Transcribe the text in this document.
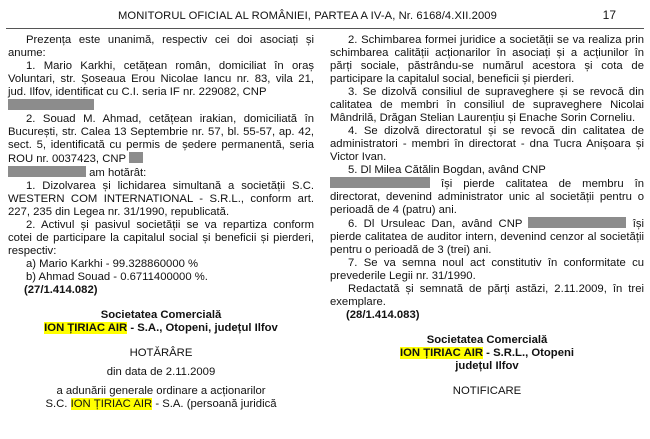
MONITORUL OFICIAL AL ROMÂNIEI, PARTEA A IV-A, Nr. 6168/4.XII.2009	17

Prezența este unanimă, respectiv cei doi asociați și anume:

1. Mario Karkhi, cetățean român, domiciliat în oraș Voluntari, str. Șoseaua Erou Nicolae Iancu nr. 83, vila 21, jud. Ilfov, identificat cu C.I. seria IF nr. 229082, CNP

2. Souad M. Ahmad, cetățean irakian, domiciliată în București, str. Calea 13 Septembrie nr. 57, bl. 55-57, ap. 42, sect. 5, identificată cu permis de ședere permanentă, seria ROU nr. 0037423, CNP
am hotărât:

1. Dizolvarea și lichidarea simultană a societății S.C. WESTERN COM INTERNATIONAL - S.R.L., conform art. 227, 235 din Legea nr. 31/1990, republicată.

2. Activul și pasivul societății se va repartiza conform cotei de participare la capitalul social și beneficii și pierderi, respectiv:

a) Mario Karkhi - 99.328860000 %

b) Ahmad Souad - 0.6711400000 %.

(27/1.414.082)

Societatea Comercială

ION ȚIRIAC AIR - S.A., Otopeni, județul Ilfov

HOTĂRÂRE

din data de 2.11.2009

a adunării generale ordinare a acționarilor

S.C. ION ȚIRIAC AIR - S.A. (persoană juridică

2. Schimbarea formei juridice a societății se va realiza prin schimbarea calității acționarilor în asociați și a acțiunilor în părți sociale, păstrându-se numărul acestora și cota de participare la capitalul social, beneficii și pierderi.

3. Se dizolvă consiliul de supraveghere și se revocă din calitatea de membri în consiliul de supraveghere Nicolai Mândrilă, Drăgan Stelian Laurențiu și Enache Sorin Corneliu.

4. Se dizolvă directoratul și se revocă din calitatea de administratori - membri în directorat - dna Tucra Anișoara și Victor Ivan.

5. Dl Milea Cătălin Bogdan, având CNP
își pierde calitatea de membru în directorat, devenind administrator unic al societății pentru o perioadă de 4 (patru) ani.

6. Dl Ursuleac Dan, având CNP	își pierde calitatea de auditor intern, devenind cenzor al societății pentru o perioadă de 3 (trei) ani.

7. Se va semna noul act constitutiv în conformitate cu prevederile Legii nr. 31/1990.

Redactată și semnată de părți astăzi, 2.11.2009, în trei exemplare.

(28/1.414.083)

Societatea Comercială

ION ȚIRIAC AIR - S.R.L., Otopeni

județul Ilfov

NOTIFICARE
